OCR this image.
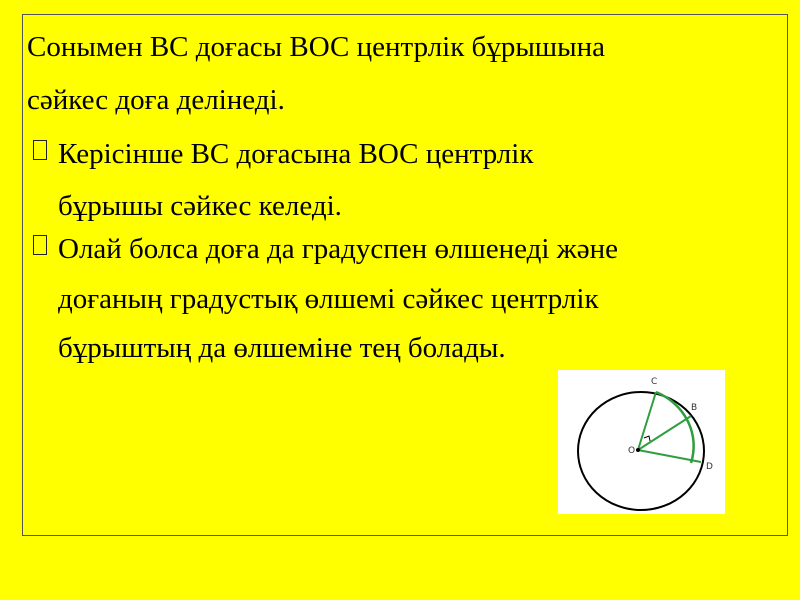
Сонымен ВС доғасы ВОС центрлік бұрышына
сәйкес доға делінеді.
Керісінше ВС доғасына ВОС центрлік
бұрышы сәйкес келеді.
Олай болса доға да градуспен өлшенеді және
доғаның градустық өлшемі сәйкес центрлік
бұрыштың да өлшеміне тең болады.
C
B
O
D
